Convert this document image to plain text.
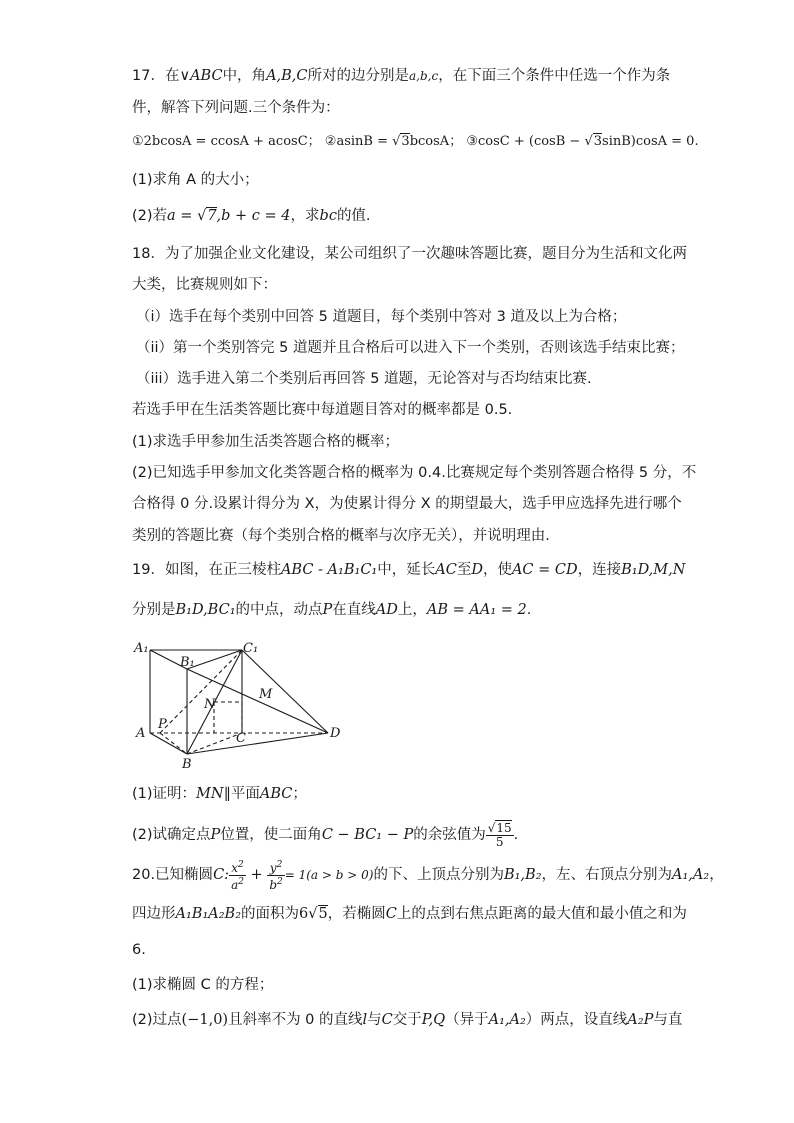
17．在∨ABC中，角A,B,C所对的边分别是a,b,c，在下面三个条件中任选一个作为条
件，解答下列问题.三个条件为：
①2bcosA = ccosA + acosC； ②asinB = √3bcosA； ③cosC + (cosB − √3sinB)cosA = 0.
(1)求角 A 的大小；
(2)若a = √7,b + c = 4，求bc的值.
18．为了加强企业文化建设，某公司组织了一次趣味答题比赛，题目分为生活和文化两
大类，比赛规则如下：
（i）选手在每个类别中回答 5 道题目，每个类别中答对 3 道及以上为合格；
（ii）第一个类别答完 5 道题并且合格后可以进入下一个类别，否则该选手结束比赛；
（iii）选手进入第二个类别后再回答 5 道题，无论答对与否均结束比赛.
若选手甲在生活类答题比赛中每道题目答对的概率都是 0.5.
(1)求选手甲参加生活类答题合格的概率；
(2)已知选手甲参加文化类答题合格的概率为 0.4.比赛规定每个类别答题合格得 5 分，不
合格得 0 分.设累计得分为 X，为使累计得分 X 的期望最大，选手甲应选择先进行哪个
类别的答题比赛（每个类别合格的概率与次序无关），并说明理由.
19．如图，在正三棱柱ABC - A₁B₁C₁中，延长AC至D，使AC = CD，连接B₁D,M,N
分别是B₁D,BC₁的中点，动点P在直线AD上，AB = AA₁ = 2.
A₁
B₁
C₁
M
N
P
A	C	D
B
(1)证明：MN∥平面ABC；
(2)试确定点P位置，使二面角C − BC₁ − P的余弦值为 $\frac{√15}{5}$ .
20.已知椭圆C: $\frac{x^2}{a^2} + \frac{y^2}{b^2} = 1(a > b > 0)$的下、上顶点分别为B₁,B₂，左、右顶点分别为A₁,A₂，
四边形A₁B₁A₂B₂的面积为6√5，若椭圆C上的点到右焦点距离的最大值和最小值之和为
6.
(1)求椭圆 C 的方程；
(2)过点(−1,0)且斜率不为 0 的直线l与C交于P,Q（异于A₁,A₂）两点，设直线A₂P与直
